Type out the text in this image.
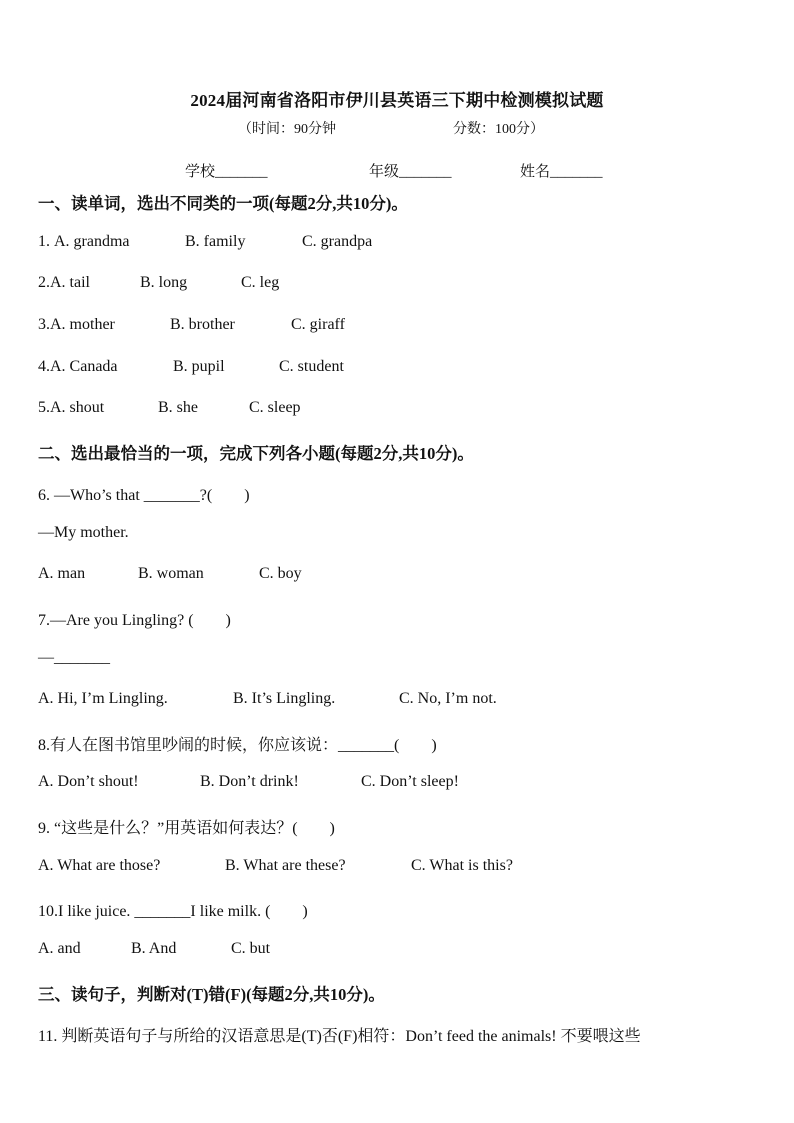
2024届河南省洛阳市伊川县英语三下期中检测模拟试题
（时间：90分钟	分数：100分）
学校_______	年级_______	姓名_______
一、读单词，选出不同类的一项(每题2分,共10分)。
1. A. grandma	B. family	C. grandpa
2.A. tail	B. long	C. leg
3.A. mother	B. brother	C. giraff
4.A. Canada	B. pupil	C. student
5.A. shout	B. she	C. sleep
二、选出最恰当的一项，完成下列各小题(每题2分,共10分)。
6. —Who’s that _______?(　　)
—My mother.
A. man	B. woman	C. boy
7.—Are you Lingling? (　　)
—_______
A. Hi, I’m Lingling.	B. It’s Lingling.	C. No, I’m not.
8.有人在图书馆里吵闹的时候，你应该说：_______(　　)
A. Don’t shout!	B. Don’t drink!	C. Don’t sleep!
9. “这些是什么？”用英语如何表达？(　　)
A. What are those?	B. What are these?	C. What is this?
10.I like juice. _______I like milk. (　　)
A. and	B. And	C. but
三、读句子，判断对(T)错(F)(每题2分,共10分)。
11. 判断英语句子与所给的汉语意思是(T)否(F)相符：Don’t feed the animals! 不要喂这些
